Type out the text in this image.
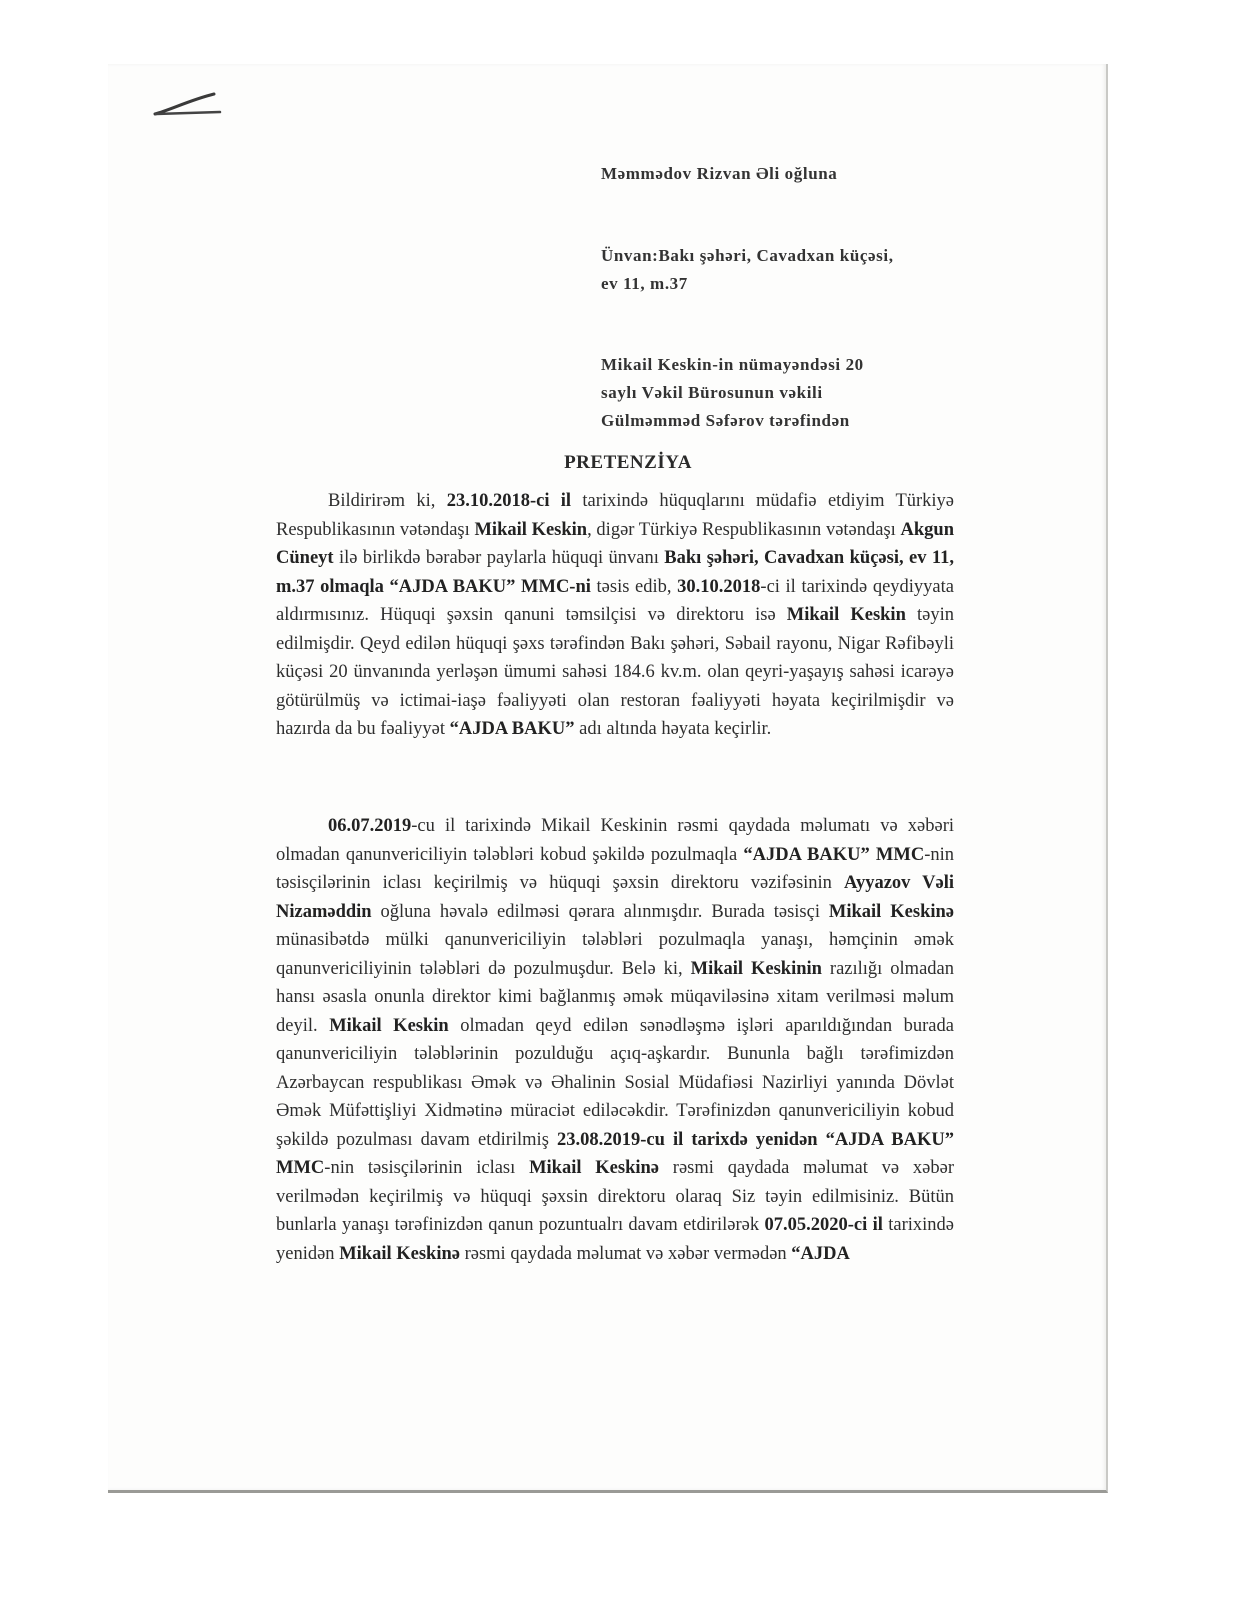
Məmmədov Rizvan Əli oğluna
Ünvan:Bakı şəhəri, Cavadxan küçəsi,
ev 11, m.37
Mikail Keskin-in nümayəndəsi 20
saylı Vəkil Bürosunun vəkili
Gülməmməd Səfərov tərəfindən
PRETENZİYA

Bildirirəm ki, 23.10.2018-ci il tarixində hüquqlarını müdafiə etdiyim Türkiyə Respublikasının vətəndaşı Mikail Keskin, digər Türkiyə Respublikasının vətəndaşı Akgun Cüneyt ilə birlikdə bərabər paylarla hüquqi ünvanı Bakı şəhəri, Cavadxan küçəsi, ev 11, m.37 olmaqla “AJDA BAKU” MMC-ni təsis edib, 30.10.2018-ci il tarixində qeydiyyata aldırmısınız. Hüquqi şəxsin qanuni təmsilçisi və direktoru isə Mikail Keskin təyin edilmişdir. Qeyd edilən hüquqi şəxs tərəfindən Bakı şəhəri, Səbail rayonu, Nigar Rəfibəyli küçəsi 20 ünvanında yerləşən ümumi sahəsi 184.6 kv.m. olan qeyri-yaşayış sahəsi icarəyə götürülmüş və ictimai-iaşə fəaliyyəti olan restoran fəaliyyəti həyata keçirilmişdir və hazırda da bu fəaliyyət “AJDA BAKU” adı altında həyata keçirlir.

06.07.2019-cu il tarixində Mikail Keskinin rəsmi qaydada məlumatı və xəbəri olmadan qanunvericiliyin tələbləri kobud şəkildə pozulmaqla “AJDA BAKU” MMC-nin təsisçilərinin iclası keçirilmiş və hüquqi şəxsin direktoru vəzifəsinin Ayyazov Vəli Nizaməddin oğluna həvalə edilməsi qərara alınmışdır. Burada təsisçi Mikail Keskinə münasibətdə mülki qanunvericiliyin tələbləri pozulmaqla yanaşı, həmçinin əmək qanunvericiliyinin tələbləri də pozulmuşdur. Belə ki, Mikail Keskinin razılığı olmadan hansı əsasla onunla direktor kimi bağlanmış əmək müqaviləsinə xitam verilməsi məlum deyil. Mikail Keskin olmadan qeyd edilən sənədləşmə işləri aparıldığından burada qanunvericiliyin tələblərinin pozulduğu açıq-aşkardır. Bununla bağlı tərəfimizdən Azərbaycan respublikası Əmək və Əhalinin Sosial Müdafiəsi Nazirliyi yanında Dövlət Əmək Müfəttişliyi Xidmətinə müraciət ediləcəkdir. Tərəfinizdən qanunvericiliyin kobud şəkildə pozulması davam etdirilmiş 23.08.2019-cu il tarixdə yenidən “AJDA BAKU” MMC-nin təsisçilərinin iclası Mikail Keskinə rəsmi qaydada məlumat və xəbər verilmədən keçirilmiş və hüquqi şəxsin direktoru olaraq Siz təyin edilmisiniz. Bütün bunlarla yanaşı tərəfinizdən qanun pozuntualrı davam etdirilərək 07.05.2020-ci il tarixində yenidən Mikail Keskinə rəsmi qaydada məlumat və xəbər vermədən “AJDA
